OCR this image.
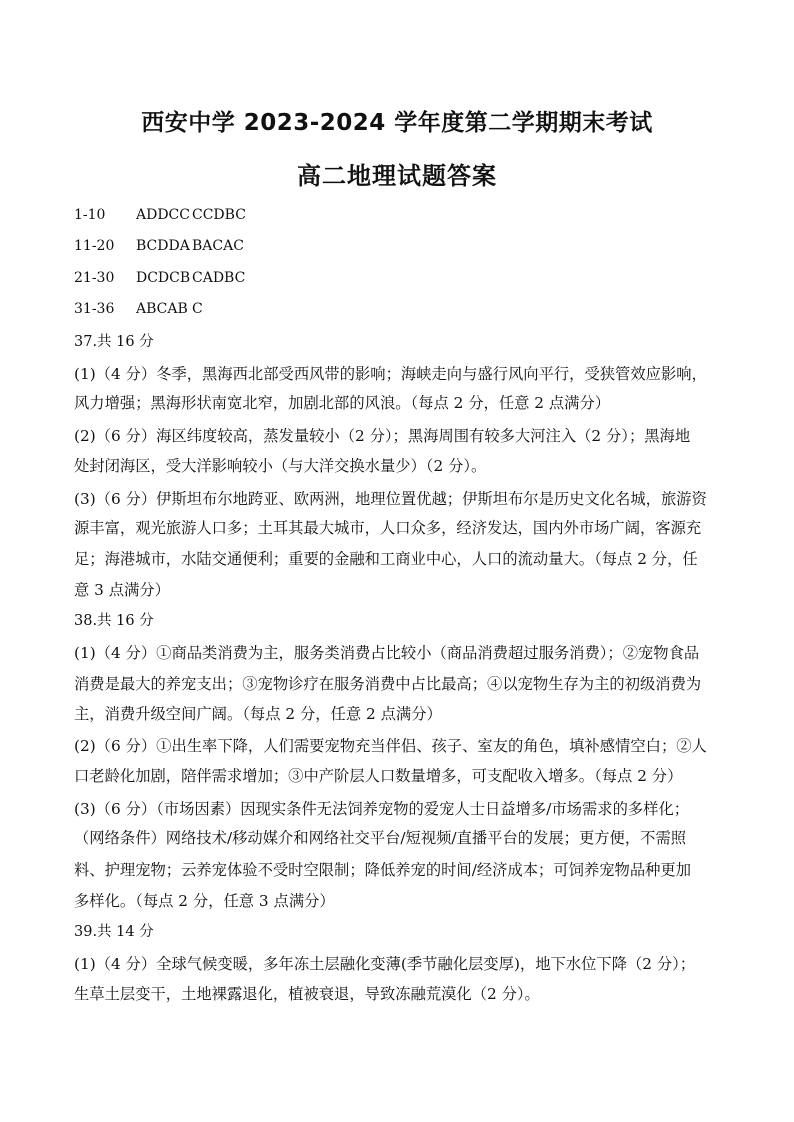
西安中学 2023-2024 学年度第二学期期末考试
高二地理试题答案
1-10 ADDCC CCDBC
11-20 BCDDA BACAC
21-30 DCDCB CADBC
31-36 ABCAB C
37.共 16 分
(1)（4 分）冬季，黑海西北部受西风带的影响；海峡走向与盛行风向平行，受狭管效应影响，
风力增强；黑海形状南宽北窄，加剧北部的风浪。（每点 2 分，任意 2 点满分）
(2)（6 分）海区纬度较高，蒸发量较小（2 分）；黑海周围有较多大河注入（2 分）；黑海地
处封闭海区，受大洋影响较小（与大洋交换水量少）（2 分）。
(3)（6 分）伊斯坦布尔地跨亚、欧两洲，地理位置优越；伊斯坦布尔是历史文化名城，旅游资
源丰富，观光旅游人口多；土耳其最大城市，人口众多，经济发达，国内外市场广阔，客源充
足；海港城市，水陆交通便利；重要的金融和工商业中心，人口的流动量大。（每点 2 分，任
意 3 点满分）
38.共 16 分
(1)（4 分）①商品类消费为主，服务类消费占比较小（商品消费超过服务消费）；②宠物食品
消费是最大的养宠支出；③宠物诊疗在服务消费中占比最高；④以宠物生存为主的初级消费为
主，消费升级空间广阔。（每点 2 分，任意 2 点满分）
(2)（6 分）①出生率下降，人们需要宠物充当伴侣、孩子、室友的角色，填补感情空白；②人
口老龄化加剧，陪伴需求增加；③中产阶层人口数量增多，可支配收入增多。（每点 2 分）
(3)（6 分）（市场因素）因现实条件无法饲养宠物的爱宠人士日益增多/市场需求的多样化；
（网络条件）网络技术/移动媒介和网络社交平台/短视频/直播平台的发展；更方便，不需照
料、护理宠物；云养宠体验不受时空限制；降低养宠的时间/经济成本；可饲养宠物品种更加
多样化。（每点 2 分，任意 3 点满分）
39.共 14 分
(1)（4 分）全球气候变暖，多年冻土层融化变薄(季节融化层变厚)，地下水位下降（2 分）；
生草土层变干，土地裸露退化，植被衰退，导致冻融荒漠化（2 分）。
